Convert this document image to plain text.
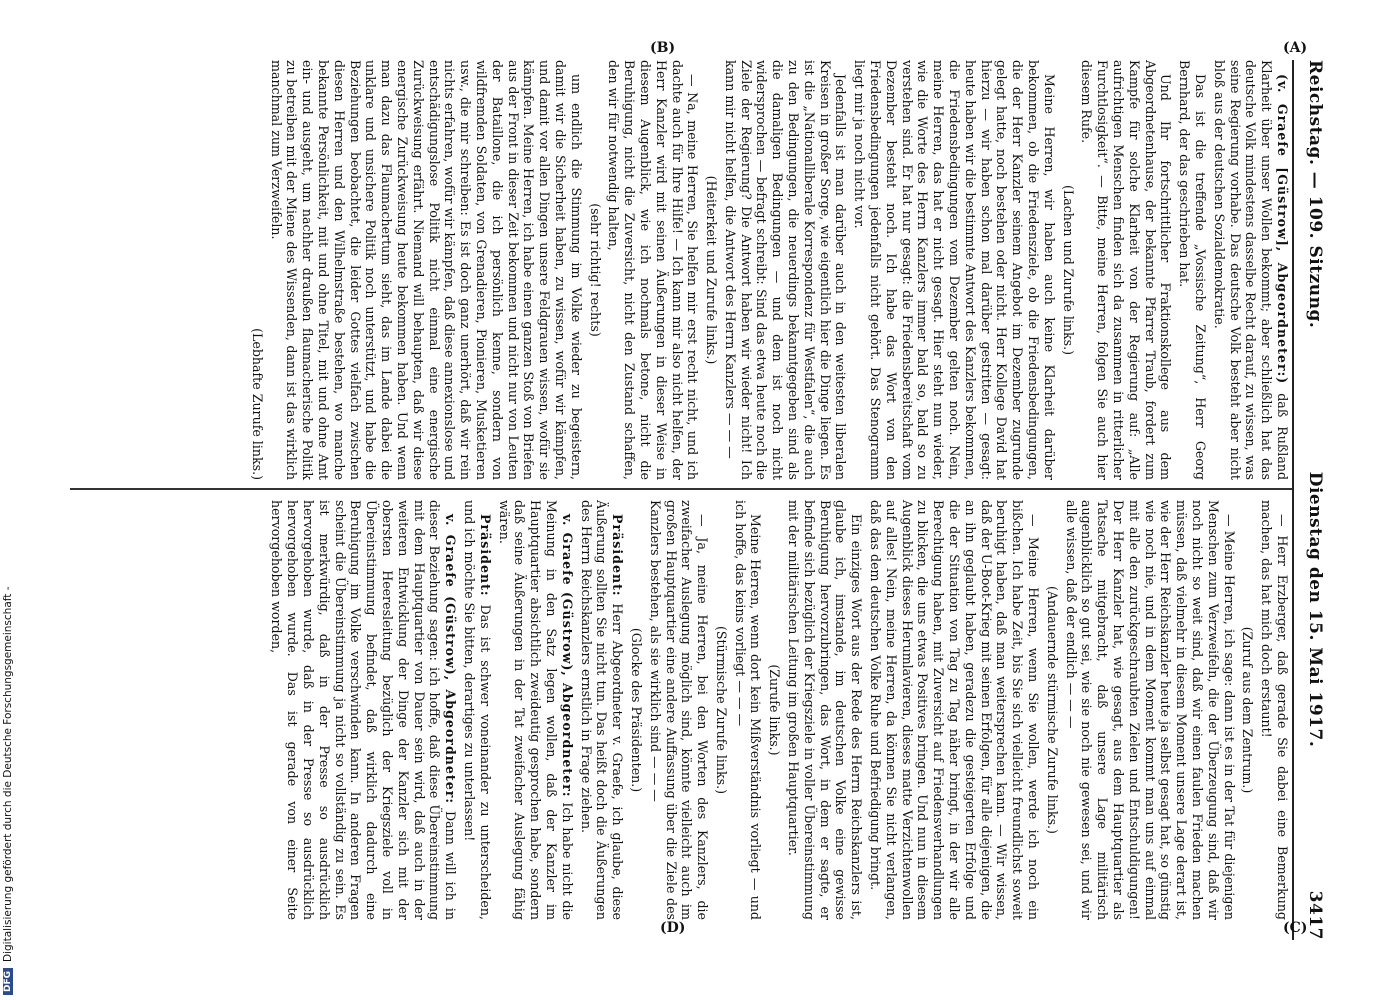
Reichstag. — 109. Sitzung.
Dienstag den 15. Mai 1917.
3417
(A)
(B)
(C)
(D)

(v. Graefe [Güstrow], Abgeordneter:) daß Rußland Klarheit über unser Wollen bekommt; aber schließlich hat das deutsche Volk mindestens dasselbe Recht darauf, zu wissen, was seine Regierung vorhabe. Das deutsche Volk besteht aber nicht bloß aus der deutschen Sozialdemokratie.

Das ist die treffende „Vossische Zeitung“, Herr Georg Bernhard, der das geschrieben hat.

Und Ihr fortschrittlicher Fraktionskollege aus dem Abgeordnetenhause, der bekannte Pfarrer Traub, fordert zum Kampfe für solche Klarheit von der Regierung auf: „Alle aufrichtigen Menschen finden sich da zusammen in ritterlicher Furchtlosigkeit“. — Bitte, meine Herren, folgen Sie auch hier diesem Rufe.

(Lachen und Zurufe links.)

Meine Herren, wir haben auch keine Klarheit darüber bekommen, ob die Friedensziele, ob die Friedensbedingungen, die der Herr Kanzler seinem Angebot im Dezember zugrunde gelegt hatte, noch bestehen oder nicht. Herr Kollege David hat hierzu — wir haben schon mal darüber gestritten — gesagt: heute haben wir die bestimmte Antwort des Kanzlers bekommen, die Friedensbedingungen vom Dezember gelten noch. Nein, meine Herren, das hat er nicht gesagt. Hier steht nun wieder, wie die Worte des Herrn Kanzlers immer bald so, bald so zu verstehen sind. Er hat nur gesagt: die Friedensbereitschaft vom Dezember besteht noch. Ich habe das Wort von den Friedensbedingungen jedenfalls nicht gehört. Das Stenogramm liegt mir ja noch nicht vor.

Jedenfalls ist man darüber auch in den weitesten liberalen Kreisen in großer Sorge, wie eigentlich hier die Dinge liegen. Es ist die „Nationalliberale Korrespondenz für Westfalen“, die auch zu den Bedingungen, die neuerdings bekanntgegeben sind als die damaligen Bedingungen — und dem ist noch nicht widersprochen — befragt schreibt: Sind das etwa heute noch die Ziele der Regierung? Die Antwort haben wir wieder nicht! Ich kann mir nicht helfen, die Antwort des Herrn Kanzlers — — —

(Heiterkeit und Zurufe links.)

— Na, meine Herren, Sie helfen mir erst recht nicht, und ich dachte auch für Ihre Hilfe! — Ich kann mir also nicht helfen, der Herr Kanzler wird mit seinen Äußerungen in dieser Weise in diesem Augenblick, wie ich nochmals betone, nicht die Beruhigung, nicht die Zuversicht, nicht den Zustand schaffen, den wir für notwendig halten,

(sehr richtig! rechts)

um endlich die Stimmung im Volke wieder zu begeistern, damit wir die Sicherheit haben, zu wissen, wofür wir kämpfen, und damit vor allen Dingen unsere Feldgrauen wissen, wofür sie kämpfen. Meine Herren, ich habe einen ganzen Stoß von Briefen aus der Front in dieser Zeit bekommen und nicht nur von Leuten der Bataillone, die ich persönlich kenne, sondern von wildfremden Soldaten, von Grenadieren, Pionieren, Musketieren usw., die mir schreiben: Es ist doch ganz unerhört, daß wir rein nichts erfahren, wofür wir kämpfen, daß diese annexionslose und entschädigungslose Politik nicht einmal eine energische Zurückweisung erfährt. Niemand will behaupten, daß wir diese energische Zurückweisung heute bekommen haben. Und wenn man dazu das Flaumachertum sieht, das im Lande dabei die unklare und unsichere Politik noch unterstützt, und habe die Beziehungen beobachtet, die leider Gottes vielfach zwischen diesen Herren und den Wilhelmstraße bestehen, wo manche bekannte Persönlichkeit, mit und ohne Titel, mit und ohne Amt ein- und ausgeht, um nachher draußen flaumacherische Politik zu betreiben mit der Miene des Wissenden, dann ist das wirklich manchmal zum Verzweifeln.

(Lebhafte Zurufe links.)

— Herr Erzberger, daß gerade Sie dabei eine Bemerkung machen, das hat mich doch erstaunt!

(Zuruf aus dem Zentrum.)

— Meine Herren, ich sage: dann ist es in der Tat für diejenigen Menschen zum Verzweifeln, die der Überzeugung sind, daß wir noch nicht so weit sind, daß wir einen faulen Frieden machen müssen, daß vielmehr in diesem Moment unsere Lage derart ist, wie der Herr Reichskanzler heute ja selbst gesagt hat, so günstig wie noch nie, und in dem Moment kommt man uns auf einmal mit alle den zurückgeschraubten Zielen und Entschuldigungen! Der Herr Kanzler hat, wie gesagt, aus dem Hauptquartier als Tatsache mitgebracht, daß unsere Lage militärisch augenblicklich so gut sei, wie sie noch nie gewesen sei, und wir alle wissen, daß der endlich — — —

(Andauernde stürmische Zurufe links.)

— Meine Herren, wenn Sie wollen, werde ich noch ein bißchen. Ich habe Zeit, bis Sie sich vielleicht freundlichst soweit beruhigt haben, daß man weitersprechen kann. — Wir wissen, daß der U-Boot-Krieg mit seinen Erfolgen, für alle diejenigen, die an ihn geglaubt haben, geradezu die gesteigerten Erfolge und die der Situation von Tag zu Tag näher bringt, in der wir alle Berechtigung haben, mit Zuversicht auf Friedensverhandlungen zu blicken, die uns etwas Positives bringen. Und nun in diesem Augenblick dieses Herumlavieren, dieses matte Verzichtenwollen auf alles! Nein, meine Herren, da können Sie nicht verlangen, daß das dem deutschen Volke Ruhe und Befriedigung bringt.

Ein einziges Wort aus der Rede des Herrn Reichskanzlers ist, glaube ich, imstande, im deutschen Volke eine gewisse Beruhigung hervorzubringen, das Wort, in dem er sagte, er befinde sich bezüglich der Kriegsziele in voller Übereinstimmung mit der militärischen Leitung im großen Hauptquartier.

(Zurufe links.)

Meine Herren, wenn dort kein Mißverständnis vorliegt — und ich hoffe, das keins vorliegt — — —

(Stürmische Zurufe links.)

— Ja, meine Herren, bei den Worten des Kanzlers, die zweifacher Auslegung möglich sind, könnte vielleicht auch im großen Hauptquartier eine andere Auffassung über die Ziele des Kanzlers bestehen, als sie wirklich sind — — —

(Glocke des Präsidenten.)

Präsident: Herr Abgeordneter v. Graefe, ich glaube, diese Äußerung sollten Sie nicht tun. Das heißt doch die Äußerungen des Herrn Reichskanzlers ernstlich in Frage ziehen.

v. Graefe (Güstrow), Abgeordneter: Ich habe nicht die Meinung in den Satz legen wollen, daß der Kanzler im Hauptquartier absichtlich zweideutig gesprochen habe, sondern daß seine Äußerungen in der Tat zweifacher Auslegung fähig wären.

Präsident: Das ist schwer voneinander zu unterscheiden, und ich möchte Sie bitten, derartiges zu unterlassen!

v. Graefe (Güstrow), Abgeordneter: Dann will ich in dieser Beziehung sagen: ich hoffe, daß diese Übereinstimmung mit dem Hauptquartier von Dauer sein wird, daß auch in der weiteren Entwicklung der Dinge der Kanzler sich mit der obersten Heeresleitung bezüglich der Kriegsziele voll in Übereinstimmung befindet, daß wirklich dadurch eine Beruhigung im Volke verschwinden kann. In anderen Fragen scheint die Übereinstimmung ja nicht so vollständig zu sein. Es ist merkwürdig, daß in der Presse so ausdrücklich hervorgehoben wurde, daß in der Presse so ausdrücklich hervorgehoben wurde. Das ist gerade von einer Seite hervorgehoben worden,

DFG
Digitalisierung gefördert durch die Deutsche Forschungsgemeinschaft -
